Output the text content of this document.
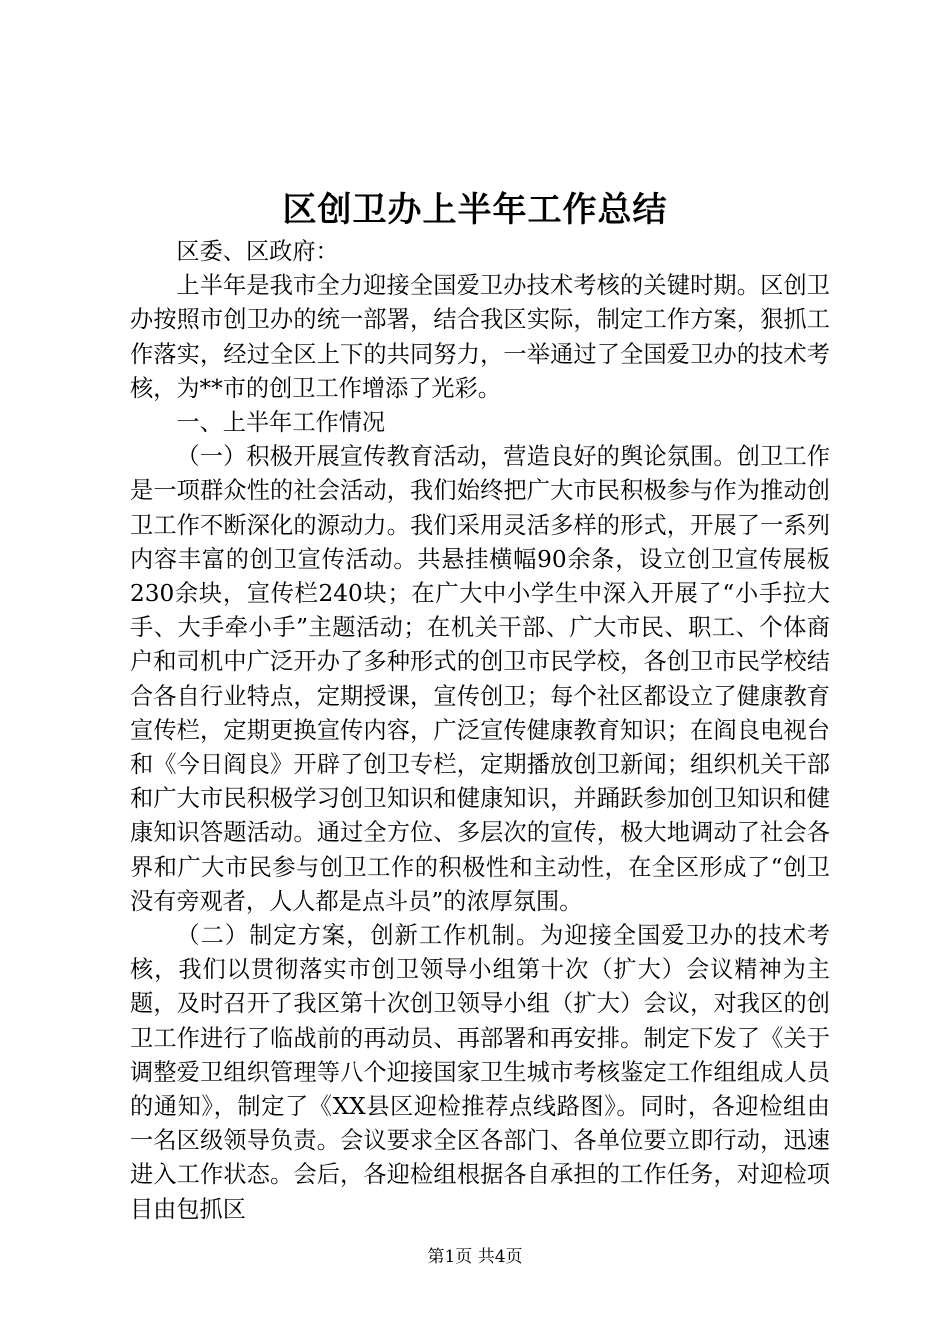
区创卫办上半年工作总结

区委、区政府：

上半年是我市全力迎接全国爱卫办技术考核的关键时期。区创卫办按照市创卫办的统一部署，结合我区实际，制定工作方案，狠抓工作落实，经过全区上下的共同努力，一举通过了全国爱卫办的技术考核，为**市的创卫工作增添了光彩。

一、上半年工作情况

（一）积极开展宣传教育活动，营造良好的舆论氛围。创卫工作是一项群众性的社会活动，我们始终把广大市民积极参与作为推动创卫工作不断深化的源动力。我们采用灵活多样的形式，开展了一系列内容丰富的创卫宣传活动。共悬挂横幅90余条，设立创卫宣传展板230余块，宣传栏240块；在广大中小学生中深入开展了“小手拉大手、大手牵小手”主题活动；在机关干部、广大市民、职工、个体商户和司机中广泛开办了多种形式的创卫市民学校，各创卫市民学校结合各自行业特点，定期授课，宣传创卫；每个社区都设立了健康教育宣传栏，定期更换宣传内容，广泛宣传健康教育知识；在阎良电视台和《今日阎良》开辟了创卫专栏，定期播放创卫新闻；组织机关干部和广大市民积极学习创卫知识和健康知识，并踊跃参加创卫知识和健康知识答题活动。通过全方位、多层次的宣传，极大地调动了社会各界和广大市民参与创卫工作的积极性和主动性，在全区形成了“创卫没有旁观者，人人都是点斗员”的浓厚氛围。

（二）制定方案，创新工作机制。为迎接全国爱卫办的技术考核，我们以贯彻落实市创卫领导小组第十次（扩大）会议精神为主题，及时召开了我区第十次创卫领导小组（扩大）会议，对我区的创卫工作进行了临战前的再动员、再部署和再安排。制定下发了《关于调整爱卫组织管理等八个迎接国家卫生城市考核鉴定工作组组成人员的通知》，制定了《XX县区迎检推荐点线路图》。同时，各迎检组由一名区级领导负责。会议要求全区各部门、各单位要立即行动，迅速进入工作状态。会后，各迎检组根据各自承担的工作任务，对迎检项目由包抓区

第1页 共4页
